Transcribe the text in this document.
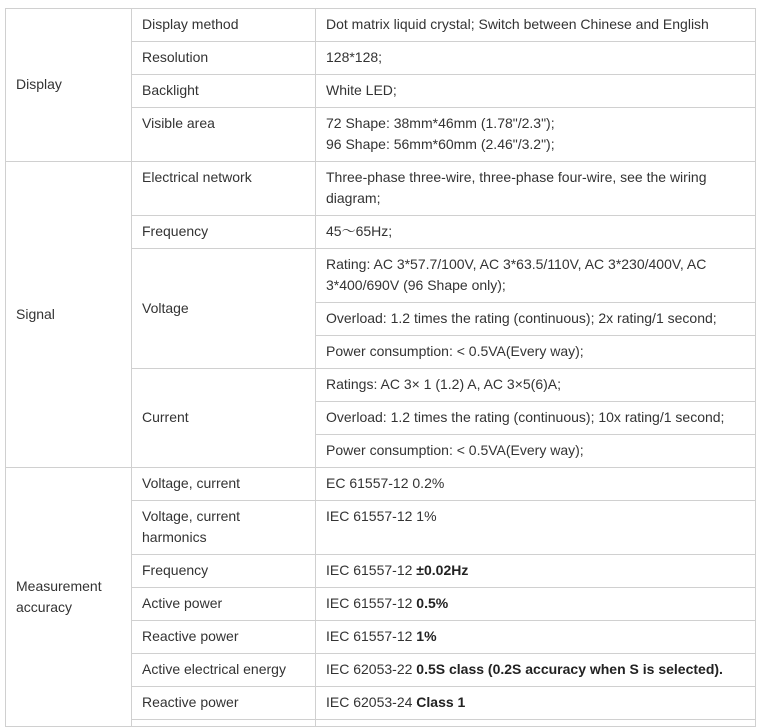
Display	Display method	Dot matrix liquid crystal; Switch between Chinese and English
	Resolution	128*128;
	Backlight	White LED;
	Visible area	72 Shape: 38mm*46mm (1.78"/2.3");
96 Shape: 56mm*60mm (2.46"/3.2");

Signal	Electrical network	Three-phase three-wire, three-phase four-wire, see the wiring diagram;
	Frequency	45～65Hz;
	Voltage	Rating: AC 3*57.7/100V, AC 3*63.5/110V, AC 3*230/400V, AC 3*400/690V (96 Shape only);
		Overload: 1.2 times the rating (continuous); 2x rating/1 second;
		Power consumption: < 0.5VA(Every way);
	Current	Ratings: AC 3× 1 (1.2) A, AC 3×5(6)A;
		Overload: 1.2 times the rating (continuous); 10x rating/1 second;
		Power consumption: < 0.5VA(Every way);
Measurement accuracy	Voltage, current	EC 61557-12 0.2%
	Voltage, current harmonics	IEC 61557-12 1%
	Frequency	IEC 61557-12 ±0.02Hz
	Active power	IEC 61557-12 0.5%
	Reactive power	IEC 61557-12 1%
	Active electrical energy	IEC 62053-22 0.5S class (0.2S accuracy when S is selected).
	Reactive power	IEC 62053-24 Class 1
